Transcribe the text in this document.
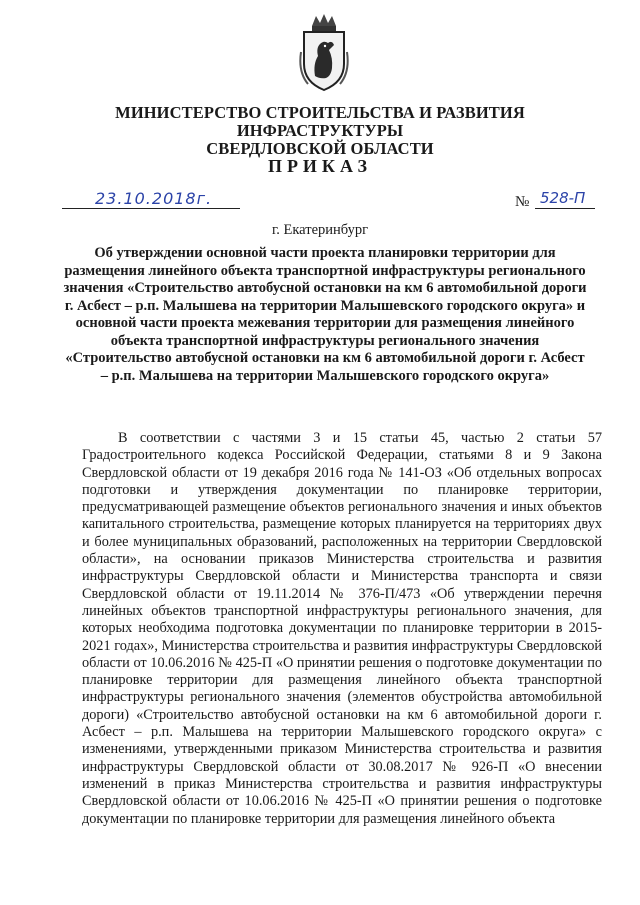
МИНИСТЕРСТВО СТРОИТЕЛЬСТВА И РАЗВИТИЯ ИНФРАСТРУКТУРЫ
СВЕРДЛОВСКОЙ ОБЛАСТИ
ПРИКАЗ
23.10.2018г.	№ 528-П
г. Екатеринбург
Об утверждении основной части проекта планировки территории для размещения линейного объекта транспортной инфраструктуры регионального значения «Строительство автобусной остановки на км 6 автомобильной дороги г. Асбест – р.п. Малышева на территории Малышевского городского округа» и основной части проекта межевания территории для размещения линейного объекта транспортной инфраструктуры регионального значения «Строительство автобусной остановки на км 6 автомобильной дороги г. Асбест – р.п. Малышева на территории Малышевского городского округа»
В соответствии с частями 3 и 15 статьи 45, частью 2 статьи 57 Градостроительного кодекса Российской Федерации, статьями 8 и 9 Закона Свердловской области от 19 декабря 2016 года № 141-ОЗ «Об отдельных вопросах подготовки и утверждения документации по планировке территории, предусматривающей размещение объектов регионального значения и иных объектов капитального строительства, размещение которых планируется на территориях двух и более муниципальных образований, расположенных на территории Свердловской области», на основании приказов Министерства строительства и развития инфраструктуры Свердловской области и Министерства транспорта и связи Свердловской области от 19.11.2014 № 376-П/473 «Об утверждении перечня линейных объектов транспортной инфраструктуры регионального значения, для которых необходима подготовка документации по планировке территории в 2015-2021 годах», Министерства строительства и развития инфраструктуры Свердловской области от 10.06.2016 № 425-П «О принятии решения о подготовке документации по планировке территории для размещения линейного объекта транспортной инфраструктуры регионального значения (элементов обустройства автомобильной дороги) «Строительство автобусной остановки на км 6 автомобильной дороги г. Асбест – р.п. Малышева на территории Малышевского городского округа» с изменениями, утвержденными приказом Министерства строительства и развития инфраструктуры Свердловской области от 30.08.2017 № 926-П «О внесении изменений в приказ Министерства строительства и развития инфраструктуры Свердловской области от 10.06.2016 № 425-П «О принятии решения о подготовке документации по планировке территории для размещения линейного объекта
